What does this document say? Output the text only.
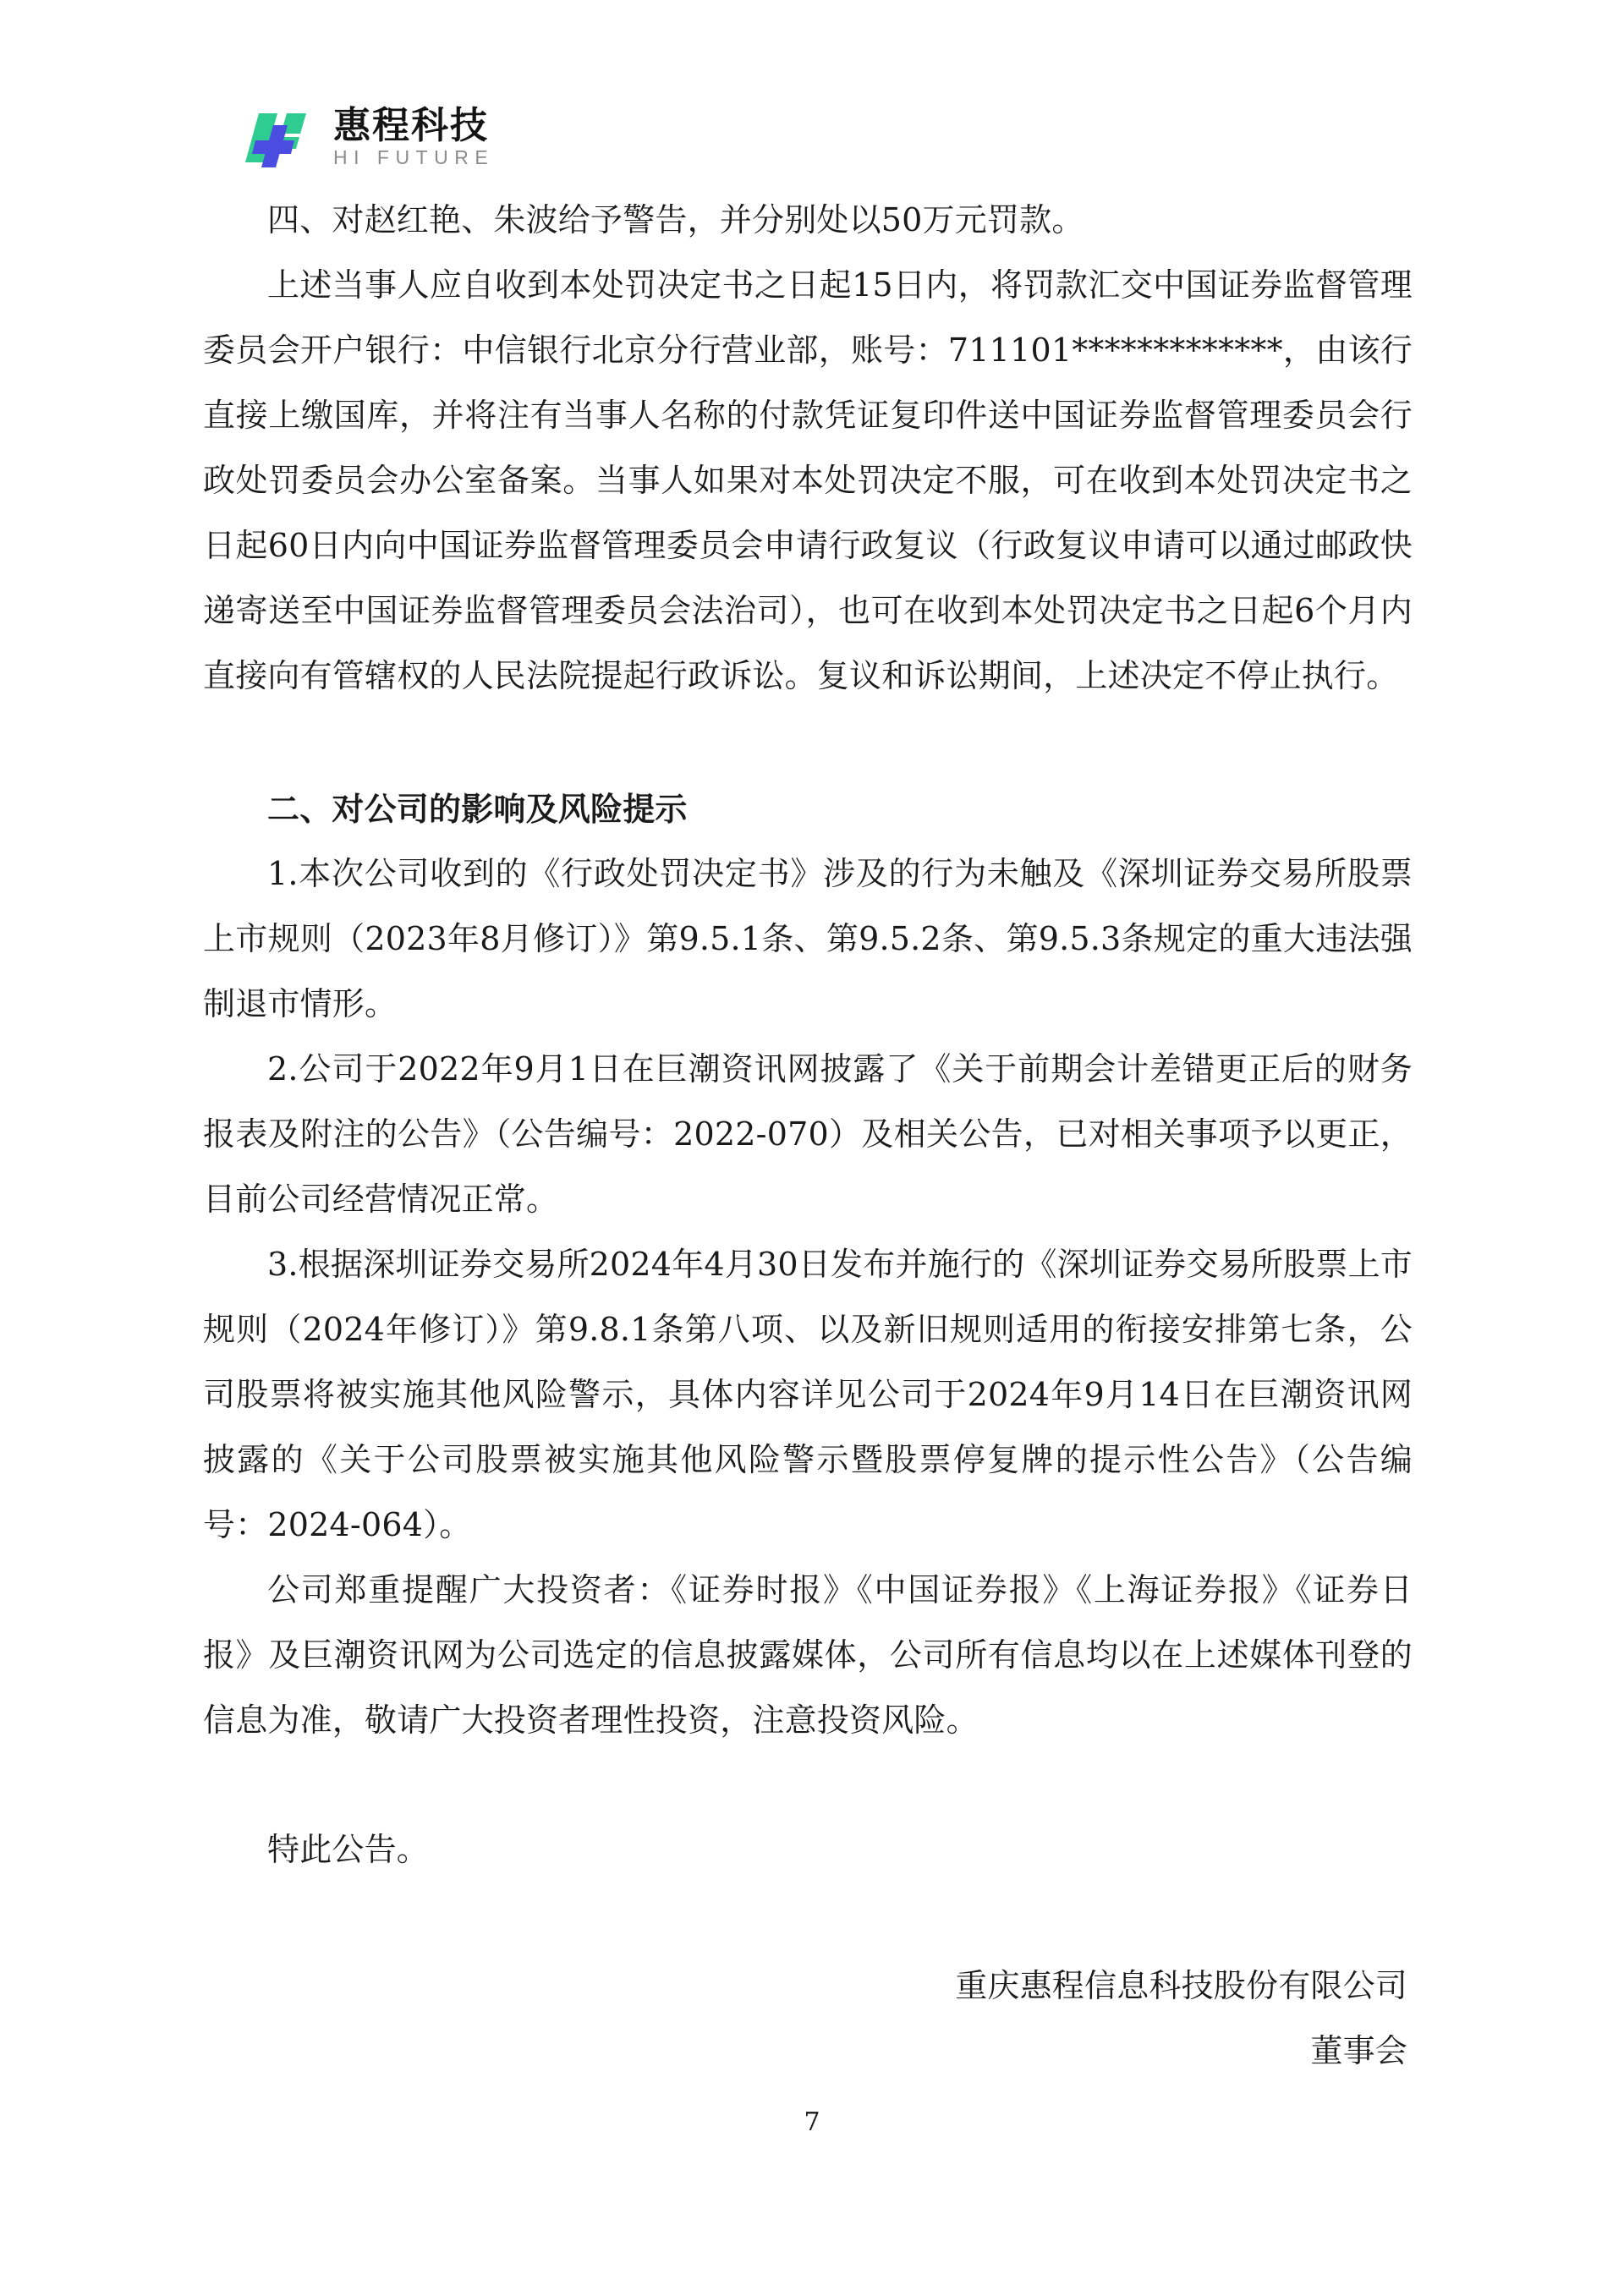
惠程科技
HI FUTURE

四、对赵红艳、朱波给予警告，并分别处以50万元罚款。

上述当事人应自收到本处罚决定书之日起15日内，将罚款汇交中国证券监督管理委员会开户银行：中信银行北京分行营业部，账号：711101*************，由该行直接上缴国库，并将注有当事人名称的付款凭证复印件送中国证券监督管理委员会行政处罚委员会办公室备案。当事人如果对本处罚决定不服，可在收到本处罚决定书之日起60日内向中国证券监督管理委员会申请行政复议（行政复议申请可以通过邮政快递寄送至中国证券监督管理委员会法治司），也可在收到本处罚决定书之日起6个月内直接向有管辖权的人民法院提起行政诉讼。复议和诉讼期间，上述决定不停止执行。

二、对公司的影响及风险提示

1.本次公司收到的《行政处罚决定书》涉及的行为未触及《深圳证券交易所股票上市规则（2023年8月修订）》第9.5.1条、第9.5.2条、第9.5.3条规定的重大违法强制退市情形。

2.公司于2022年9月1日在巨潮资讯网披露了《关于前期会计差错更正后的财务报表及附注的公告》（公告编号：2022-070）及相关公告，已对相关事项予以更正，目前公司经营情况正常。

3.根据深圳证券交易所2024年4月30日发布并施行的《深圳证券交易所股票上市规则（2024年修订）》第9.8.1条第八项、以及新旧规则适用的衔接安排第七条，公司股票将被实施其他风险警示，具体内容详见公司于2024年9月14日在巨潮资讯网披露的《关于公司股票被实施其他风险警示暨股票停复牌的提示性公告》（公告编号：2024-064）。

公司郑重提醒广大投资者：《证券时报》《中国证券报》《上海证券报》《证券日报》及巨潮资讯网为公司选定的信息披露媒体，公司所有信息均以在上述媒体刊登的信息为准，敬请广大投资者理性投资，注意投资风险。

特此公告。

重庆惠程信息科技股份有限公司
董事会
7
